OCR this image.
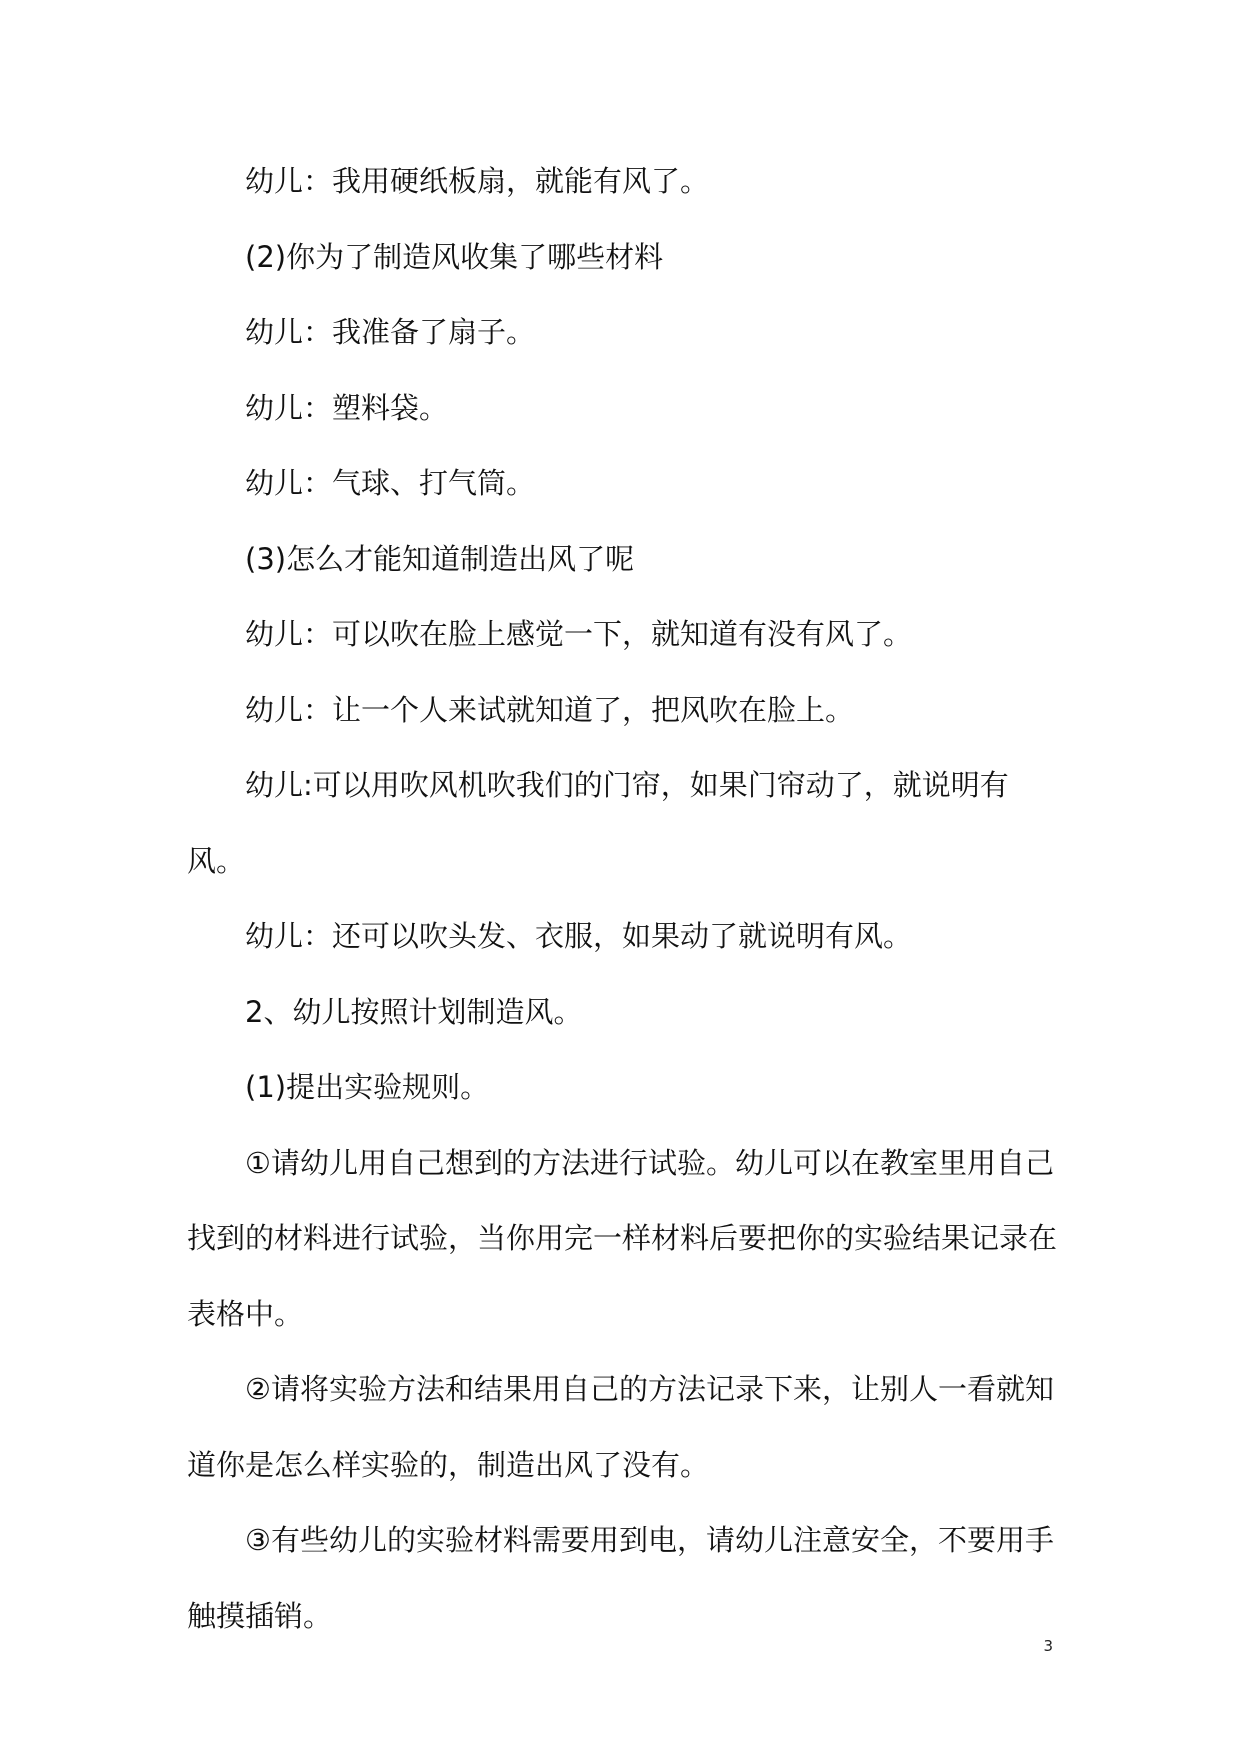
幼儿：我用硬纸板扇，就能有风了。

(2)你为了制造风收集了哪些材料

幼儿：我准备了扇子。

幼儿：塑料袋。

幼儿：气球、打气筒。

(3)怎么才能知道制造出风了呢

幼儿：可以吹在脸上感觉一下，就知道有没有风了。

幼儿：让一个人来试就知道了，把风吹在脸上。

幼儿:可以用吹风机吹我们的门帘，如果门帘动了，就说明有风。

幼儿：还可以吹头发、衣服，如果动了就说明有风。

2、幼儿按照计划制造风。

(1)提出实验规则。

①请幼儿用自己想到的方法进行试验。幼儿可以在教室里用自己找到的材料进行试验，当你用完一样材料后要把你的实验结果记录在表格中。

②请将实验方法和结果用自己的方法记录下来，让别人一看就知道你是怎么样实验的，制造出风了没有。

③有些幼儿的实验材料需要用到电，请幼儿注意安全，不要用手触摸插销。

3
